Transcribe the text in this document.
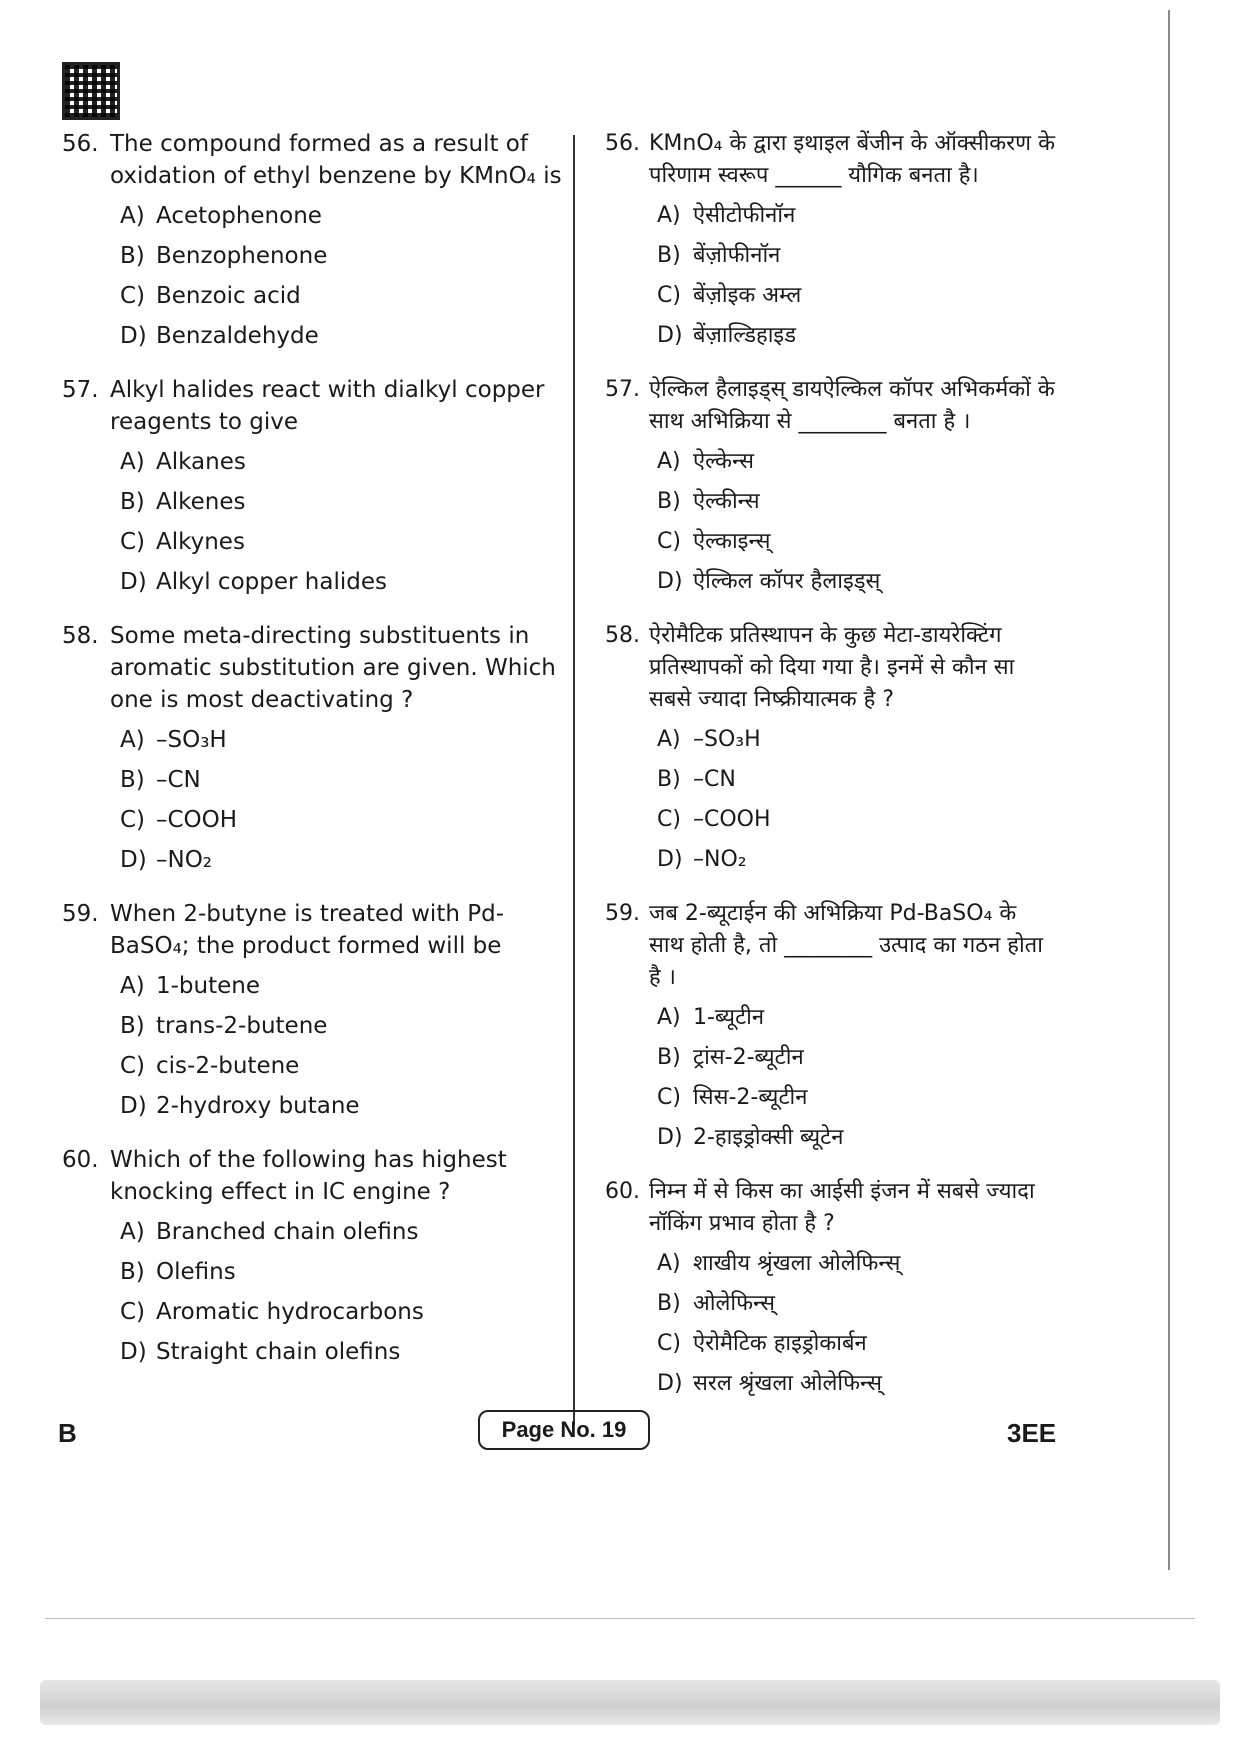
56. The compound formed as a result of oxidation of ethyl benzene by KMnO₄ is
A) Acetophenone
B) Benzophenone
C) Benzoic acid
D) Benzaldehyde
57. Alkyl halides react with dialkyl copper reagents to give
A) Alkanes
B) Alkenes
C) Alkynes
D) Alkyl copper halides
58. Some meta-directing substituents in aromatic substitution are given. Which one is most deactivating ?
A) –SO₃H
B) –CN
C) –COOH
D) –NO₂
59. When 2-butyne is treated with Pd-BaSO₄; the product formed will be
A) 1-butene
B) trans-2-butene
C) cis-2-butene
D) 2-hydroxy butane
60. Which of the following has highest knocking effect in IC engine ?
A) Branched chain olefins
B) Olefins
C) Aromatic hydrocarbons
D) Straight chain olefins
56. KMnO₄ के द्वारा इथाइल बेंजीन के ऑक्सीकरण के परिणाम स्वरूप ______ यौगिक बनता है।
A) ऐसीटोफीनॉन
B) बेंज़ोफीनॉन
C) बेंज़ोइक अम्ल
D) बेंज़ाल्डिहाइड
57. ऐल्किल हैलाइड्स् डायऐल्किल कॉपर अभिकर्मकों के साथ अभिक्रिया से ________ बनता है ।
A) ऐल्केन्स
B) ऐल्कीन्स
C) ऐल्काइन्स्
D) ऐल्किल कॉपर हैलाइड्स्
58. ऐरोमैटिक प्रतिस्थापन के कुछ मेटा-डायरेक्टिंग प्रतिस्थापकों को दिया गया है। इनमें से कौन सा सबसे ज्यादा निष्क्रीयात्मक है ?
A) –SO₃H
B) –CN
C) –COOH
D) –NO₂
59. जब 2-ब्यूटाईन की अभिक्रिया Pd-BaSO₄ के साथ होती है, तो ________ उत्पाद का गठन होता है ।
A) 1-ब्यूटीन
B) ट्रांस-2-ब्यूटीन
C) सिस-2-ब्यूटीन
D) 2-हाइड्रोक्सी ब्यूटेन
60. निम्न में से किस का आईसी इंजन में सबसे ज्यादा नॉकिंग प्रभाव होता है ?
A) शाखीय श्रृंखला ओलेफिन्स्
B) ओलेफिन्स्
C) ऐरोमैटिक हाइड्रोकार्बन
D) सरल श्रृंखला ओलेफिन्स्
B	Page No. 19	3EE
